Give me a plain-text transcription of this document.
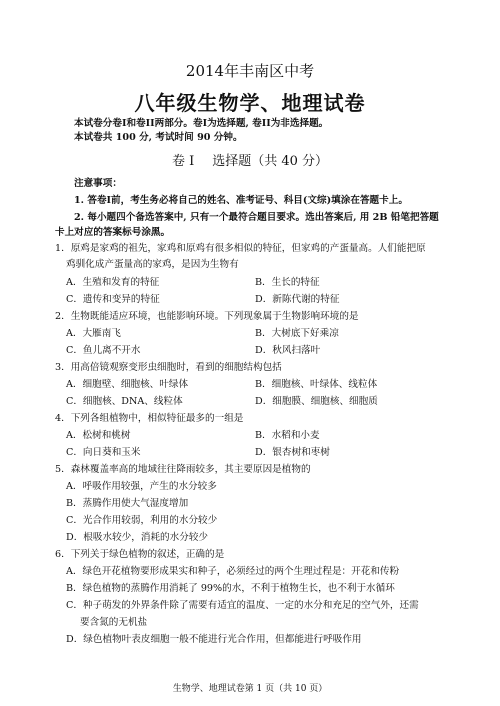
2014年丰南区中考
八年级生物学、地理试卷
本试卷分卷I和卷II两部分。卷I为选择题, 卷II为非选择题。
本试卷共 100 分, 考试时间 90 分钟。
卷 I 选择题（共 40 分）
注意事项：
1. 答卷I前，考生务必将自己的姓名、准考证号、科目(文综)填涂在答题卡上。
2. 每小题四个备选答案中, 只有一个最符合题目要求。选出答案后, 用 2B 铅笔把答题
卡上对应的答案标号涂黑。
1．原鸡是家鸡的祖先，家鸡和原鸡有很多相似的特征，但家鸡的产蛋量高。人们能把原
鸡驯化成产蛋量高的家鸡，是因为生物有
A．生殖和发育的特征	B．生长的特征
C．遗传和变异的特征	D．新陈代谢的特征
2．生物既能适应环境，也能影响环境。下列现象属于生物影响环境的是
A．大雁南飞	B．大树底下好乘凉
C．鱼儿离不开水	D．秋风扫落叶
3．用高倍镜观察变形虫细胞时，看到的细胞结构包括
A．细胞壁、细胞核、叶绿体	B．细胞核、叶绿体、线粒体
C．细胞核、DNA、线粒体	D．细胞膜、细胞核、细胞质
4．下列各组植物中，相似特征最多的一组是
A．松树和桃树	B．水稻和小麦
C．向日葵和玉米	D．银杏树和枣树
5．森林覆盖率高的地域往往降雨较多，其主要原因是植物的
A．呼吸作用较强，产生的水分较多
B．蒸腾作用使大气湿度增加
C．光合作用较弱，利用的水分较少
D．根吸水较少，消耗的水分较少
6．下列关于绿色植物的叙述，正确的是
A．绿色开花植物要形成果实和种子，必须经过的两个生理过程是：开花和传粉
B．绿色植物的蒸腾作用消耗了 99%的水，不利于植物生长，也不利于水循环
C．种子萌发的外界条件除了需要有适宜的温度、一定的水分和充足的空气外，还需
要含氮的无机盐
D．绿色植物叶表皮细胞一般不能进行光合作用，但都能进行呼吸作用
生物学、地理试卷第 1 页（共 10 页）
